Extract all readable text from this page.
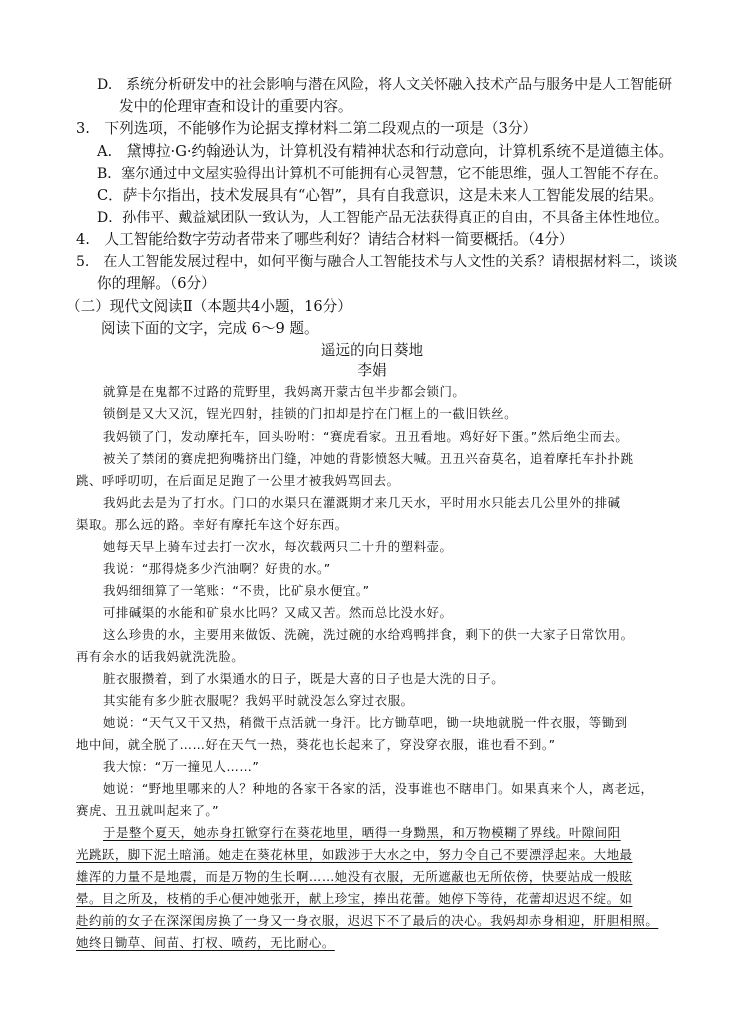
D.　系统分析研发中的社会影响与潜在风险，将人文关怀融入技术产品与服务中是人工智能研
发中的伦理审查和设计的重要内容。
3.　下列选项，不能够作为论据支撑材料二第二段观点的一项是（3分）
A.　黛博拉·G·约翰逊认为，计算机没有精神状态和行动意向，计算机系统不是道德主体。
B．塞尔通过中文屋实验得出计算机不可能拥有心灵智慧，它不能思维，强人工智能不存在。
C．萨卡尔指出，技术发展具有“心智”，具有自我意识，这是未来人工智能发展的结果。
D．孙伟平、戴益斌团队一致认为，人工智能产品无法获得真正的自由，不具备主体性地位。
4.　人工智能给数字劳动者带来了哪些利好？请结合材料一简要概括。（4分）
5.　在人工智能发展过程中，如何平衡与融合人工智能技术与人文性的关系？请根据材料二，谈谈
你的理解。（6分）
（二）现代文阅读Ⅱ（本题共4小题，16分）
阅读下面的文字，完成 6～9 题。
遥远的向日葵地
李娟
就算是在鬼都不过路的荒野里，我妈离开蒙古包半步都会锁门。
锁倒是又大又沉，锃光四射，挂锁的门扣却是拧在门框上的一截旧铁丝。
我妈锁了门，发动摩托车，回头吩咐：“赛虎看家。丑丑看地。鸡好好下蛋。”然后绝尘而去。
被关了禁闭的赛虎把狗嘴挤出门缝，冲她的背影愤怒大喊。丑丑兴奋莫名，追着摩托车扑扑跳
跳、呼呼叨叨，在后面足足跑了一公里才被我妈骂回去。
我妈此去是为了打水。门口的水渠只在灌溉期才来几天水，平时用水只能去几公里外的排碱
渠取。那么远的路。幸好有摩托车这个好东西。
她每天早上骑车过去打一次水，每次载两只二十升的塑料壶。
我说：“那得烧多少汽油啊？好贵的水。”
我妈细细算了一笔账：“不贵，比矿泉水便宜。”
可排碱渠的水能和矿泉水比吗？又咸又苦。然而总比没水好。
这么珍贵的水，主要用来做饭、洗碗，洗过碗的水给鸡鸭拌食，剩下的供一大家子日常饮用。
再有余水的话我妈就洗洗脸。
脏衣服攒着，到了水渠通水的日子，既是大喜的日子也是大洗的日子。
其实能有多少脏衣服呢？我妈平时就没怎么穿过衣服。
她说：“天气又干又热，稍微干点活就一身汗。比方锄草吧，锄一块地就脱一件衣服，等锄到
地中间，就全脱了……好在天气一热，葵花也长起来了，穿没穿衣服，谁也看不到。”
我大惊：“万一撞见人……”
她说：“野地里哪来的人？种地的各家干各家的活，没事谁也不瞎串门。如果真来个人，离老远，
赛虎、丑丑就叫起来了。”
于是整个夏天，她赤身扛锨穿行在葵花地里，晒得一身黝黑，和万物模糊了界线。叶隙间阳
光跳跃，脚下泥土暗涌。她走在葵花林里，如跋涉于大水之中，努力令自己不要漂浮起来。大地最
雄浑的力量不是地震，而是万物的生长啊……她没有衣服，无所遮蔽也无所依傍，快要站成一般眩
晕。目之所及，枝梢的手心便冲她张开，献上珍宝，捧出花蕾。她停下等待，花蕾却迟迟不绽。如
赴约前的女子在深深闺房换了一身又一身衣服，迟迟下不了最后的决心。我妈却赤身相迎，肝胆相照。
她终日锄草、间苗、打杈、喷药，无比耐心。
